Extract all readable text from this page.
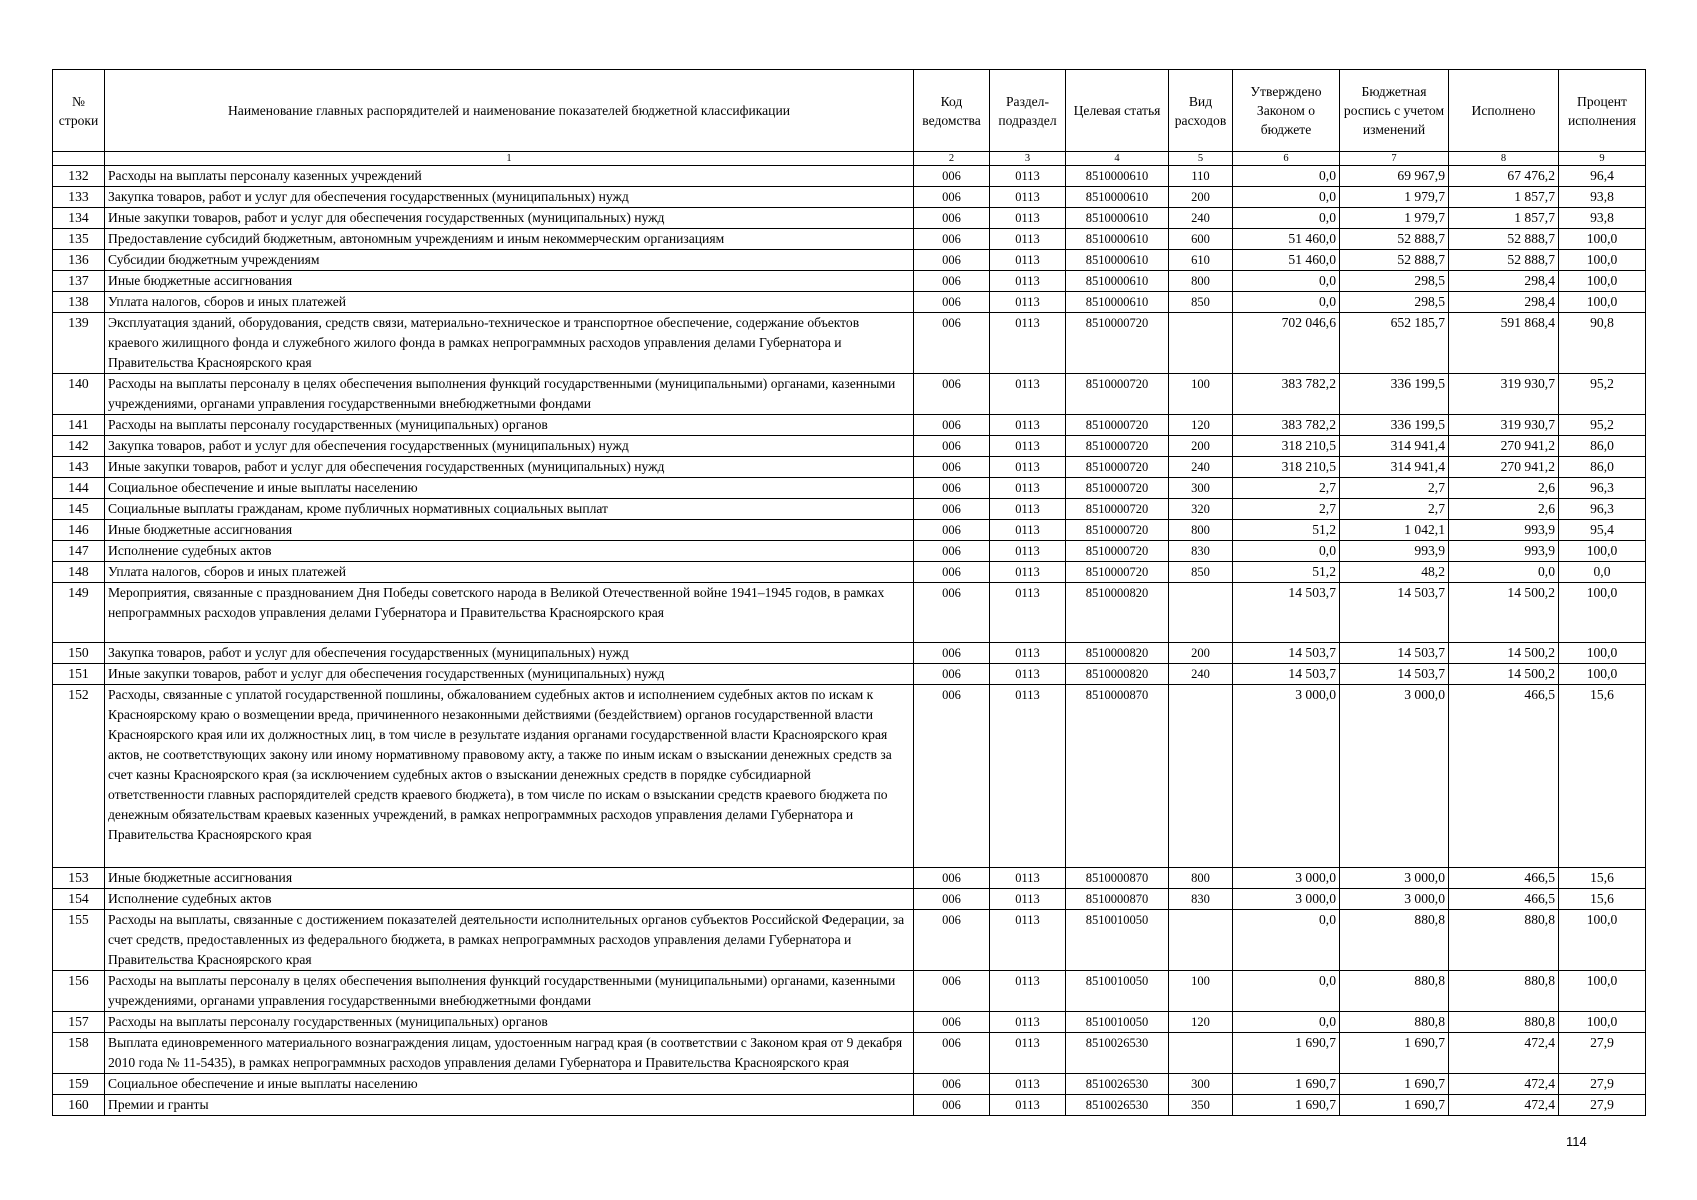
№ строки	Наименование главных распорядителей и наименование показателей бюджетной классификации	Код ведомства	Раздел-подраздел	Целевая статья	Вид расходов	Утверждено Законом о бюджете	Бюджетная роспись с учетом изменений	Исполнено	Процент исполнения
	1	2	3	4	5	6	7	8	9
132	Расходы на выплаты персоналу казенных учреждений	006	0113	8510000610	110	0,0	69 967,9	67 476,2	96,4
133	Закупка товаров, работ и услуг для обеспечения государственных (муниципальных) нужд	006	0113	8510000610	200	0,0	1 979,7	1 857,7	93,8
134	Иные закупки товаров, работ и услуг для обеспечения государственных (муниципальных) нужд	006	0113	8510000610	240	0,0	1 979,7	1 857,7	93,8
135	Предоставление субсидий бюджетным, автономным учреждениям и иным некоммерческим организациям	006	0113	8510000610	600	51 460,0	52 888,7	52 888,7	100,0
136	Субсидии бюджетным учреждениям	006	0113	8510000610	610	51 460,0	52 888,7	52 888,7	100,0
137	Иные бюджетные ассигнования	006	0113	8510000610	800	0,0	298,5	298,4	100,0
138	Уплата налогов, сборов и иных платежей	006	0113	8510000610	850	0,0	298,5	298,4	100,0
139	Эксплуатация зданий, оборудования, средств связи, материально-техническое и транспортное обеспечение, содержание объектов краевого жилищного фонда и служебного жилого фонда в рамках непрограммных расходов управления делами Губернатора и Правительства Красноярского края	006	0113	8510000720		702 046,6	652 185,7	591 868,4	90,8
140	Расходы на выплаты персоналу в целях обеспечения выполнения функций государственными (муниципальными) органами, казенными учреждениями, органами управления государственными внебюджетными фондами	006	0113	8510000720	100	383 782,2	336 199,5	319 930,7	95,2
141	Расходы на выплаты персоналу государственных (муниципальных) органов	006	0113	8510000720	120	383 782,2	336 199,5	319 930,7	95,2
142	Закупка товаров, работ и услуг для обеспечения государственных (муниципальных) нужд	006	0113	8510000720	200	318 210,5	314 941,4	270 941,2	86,0
143	Иные закупки товаров, работ и услуг для обеспечения государственных (муниципальных) нужд	006	0113	8510000720	240	318 210,5	314 941,4	270 941,2	86,0
144	Социальное обеспечение и иные выплаты населению	006	0113	8510000720	300	2,7	2,7	2,6	96,3
145	Социальные выплаты гражданам, кроме публичных нормативных социальных выплат	006	0113	8510000720	320	2,7	2,7	2,6	96,3
146	Иные бюджетные ассигнования	006	0113	8510000720	800	51,2	1 042,1	993,9	95,4
147	Исполнение судебных актов	006	0113	8510000720	830	0,0	993,9	993,9	100,0
148	Уплата налогов, сборов и иных платежей	006	0113	8510000720	850	51,2	48,2	0,0	0,0
149	Мероприятия, связанные с празднованием Дня Победы советского народа в Великой Отечественной войне 1941–1945 годов, в рамках непрограммных расходов управления делами Губернатора и Правительства Красноярского края	006	0113	8510000820		14 503,7	14 503,7	14 500,2	100,0
150	Закупка товаров, работ и услуг для обеспечения государственных (муниципальных) нужд	006	0113	8510000820	200	14 503,7	14 503,7	14 500,2	100,0
151	Иные закупки товаров, работ и услуг для обеспечения государственных (муниципальных) нужд	006	0113	8510000820	240	14 503,7	14 503,7	14 500,2	100,0
152	Расходы, связанные с уплатой государственной пошлины, обжалованием судебных актов и исполнением судебных актов по искам к Красноярскому краю о возмещении вреда, причиненного незаконными действиями (бездействием) органов государственной власти Красноярского края или их должностных лиц, в том числе в результате издания органами государственной власти Красноярского края актов, не соответствующих закону или иному нормативному правовому акту, а также по иным искам о взыскании денежных средств за счет казны Красноярского края (за исключением судебных актов о взыскании денежных средств в порядке субсидиарной ответственности главных распорядителей средств краевого бюджета), в том числе по искам о взыскании средств краевого бюджета по денежным обязательствам краевых казенных учреждений, в рамках непрограммных расходов управления делами Губернатора и Правительства Красноярского края	006	0113	8510000870		3 000,0	3 000,0	466,5	15,6
153	Иные бюджетные ассигнования	006	0113	8510000870	800	3 000,0	3 000,0	466,5	15,6
154	Исполнение судебных актов	006	0113	8510000870	830	3 000,0	3 000,0	466,5	15,6
155	Расходы на выплаты, связанные с достижением показателей деятельности исполнительных органов субъектов Российской Федерации, за счет средств, предоставленных из федерального бюджета, в рамках непрограммных расходов управления делами Губернатора и Правительства Красноярского края	006	0113	8510010050		0,0	880,8	880,8	100,0
156	Расходы на выплаты персоналу в целях обеспечения выполнения функций государственными (муниципальными) органами, казенными учреждениями, органами управления государственными внебюджетными фондами	006	0113	8510010050	100	0,0	880,8	880,8	100,0
157	Расходы на выплаты персоналу государственных (муниципальных) органов	006	0113	8510010050	120	0,0	880,8	880,8	100,0
158	Выплата единовременного материального вознаграждения лицам, удостоенным наград края (в соответствии с Законом края от 9 декабря 2010 года № 11-5435), в рамках непрограммных расходов управления делами Губернатора и Правительства Красноярского края	006	0113	8510026530		1 690,7	1 690,7	472,4	27,9
159	Социальное обеспечение и иные выплаты населению	006	0113	8510026530	300	1 690,7	1 690,7	472,4	27,9
160	Премии и гранты	006	0113	8510026530	350	1 690,7	1 690,7	472,4	27,9
114
